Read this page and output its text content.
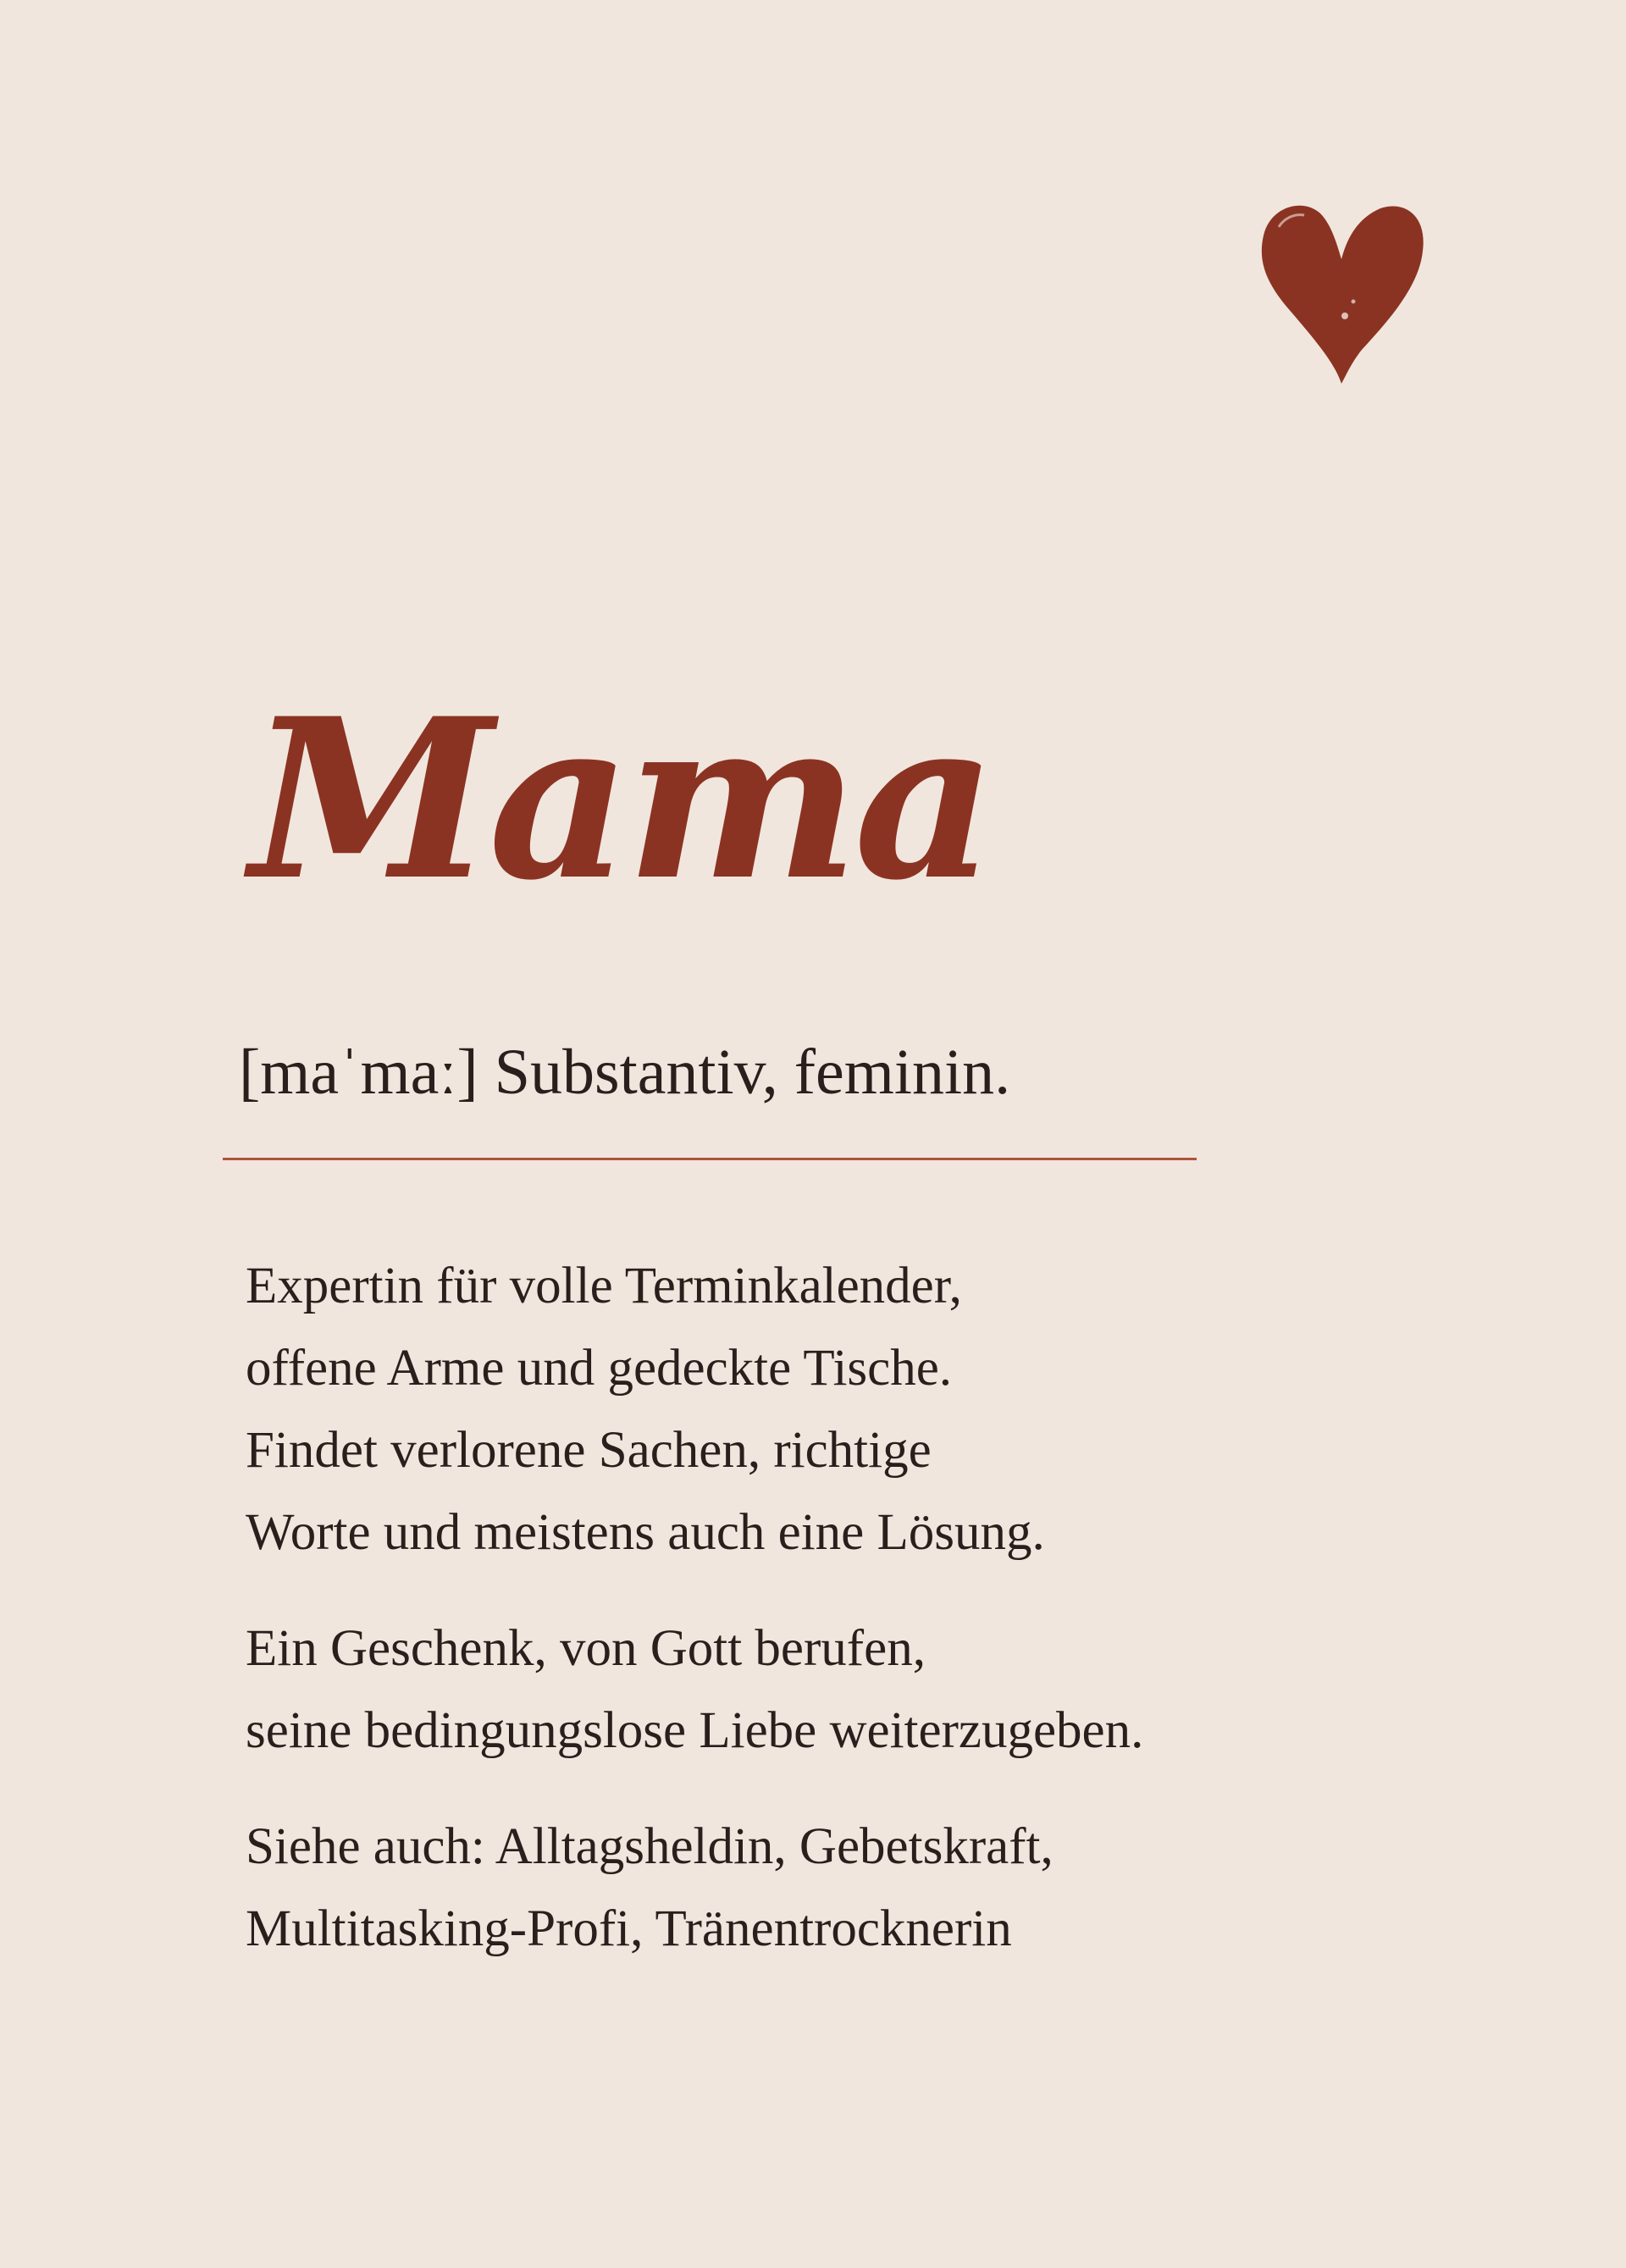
Mama
[maˈmaː] Substantiv, feminin.
Expertin für volle Terminkalender,
offene Arme und gedeckte Tische.
Findet verlorene Sachen, richtige
Worte und meistens auch eine Lösung.
Ein Geschenk, von Gott berufen,
seine bedingungslose Liebe weiterzugeben.
Siehe auch: Alltagsheldin, Gebetskraft,
Multitasking-Profi, Tränentrocknerin
